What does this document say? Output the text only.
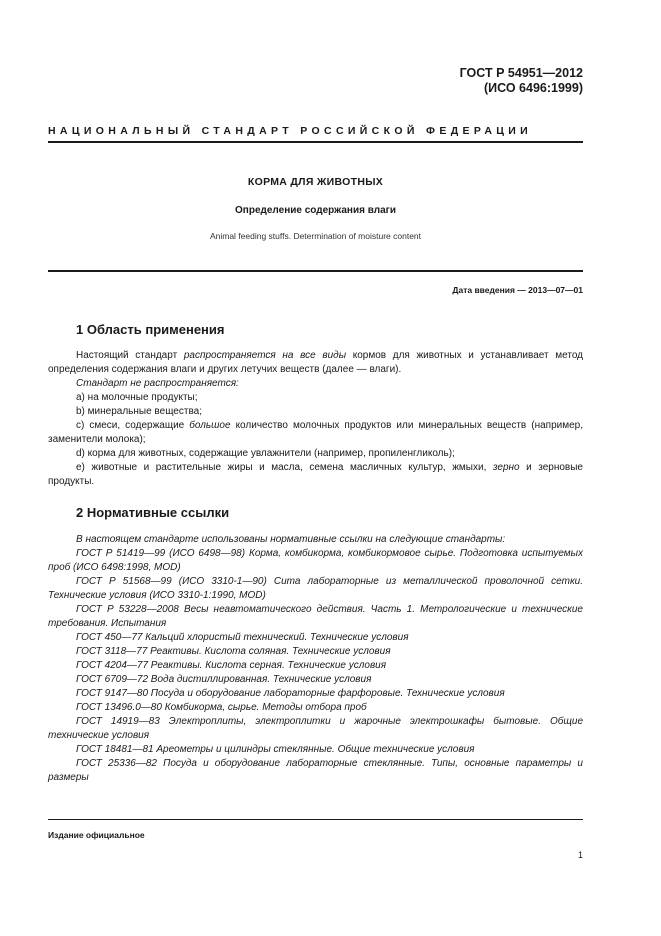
ГОСТ Р 54951—2012
(ИСО 6496:1999)
НАЦИОНАЛЬНЫЙ СТАНДАРТ РОССИЙСКОЙ ФЕДЕРАЦИИ
КОРМА ДЛЯ ЖИВОТНЫХ
Определение содержания влаги
Animal feeding stuffs. Determination of moisture content
Дата введения — 2013—07—01
1 Область применения

Настоящий стандарт распространяется на все виды кормов для животных и устанавливает метод определения содержания влаги и других летучих веществ (далее — влаги).

Стандарт не распространяется:

а) на молочные продукты;

b) минеральные вещества;

с) смеси, содержащие большое количество молочных продуктов или минеральных веществ (например, заменители молока);

d) корма для животных, содержащие увлажнители (например, пропиленгликоль);

е) животные и растительные жиры и масла, семена масличных культур, жмыхи, зерно и зерновые продукты.

2 Нормативные ссылки

В настоящем стандарте использованы нормативные ссылки на следующие стандарты:

ГОСТ Р 51419—99 (ИСО 6498—98) Корма, комбикорма, комбикормовое сырье. Подготовка испытуемых проб (ИСО 6498:1998, MOD)

ГОСТ Р 51568—99 (ИСО 3310-1—90) Сита лабораторные из металлической проволочной сетки. Технические условия (ИСО 3310-1:1990, MOD)

ГОСТ Р 53228—2008 Весы неавтоматического действия. Часть 1. Метрологические и технические требования. Испытания

ГОСТ 450—77 Кальций хлористый технический. Технические условия

ГОСТ 3118—77 Реактивы. Кислота соляная. Технические условия

ГОСТ 4204—77 Реактивы. Кислота серная. Технические условия

ГОСТ 6709—72 Вода дистиллированная. Технические условия

ГОСТ 9147—80 Посуда и оборудование лабораторные фарфоровые. Технические условия

ГОСТ 13496.0—80 Комбикорма, сырье. Методы отбора проб

ГОСТ 14919—83 Электроплиты, электроплитки и жарочные электрошкафы бытовые. Общие технические условия

ГОСТ 18481—81 Ареометры и цилиндры стеклянные. Общие технические условия

ГОСТ 25336—82 Посуда и оборудование лабораторные стеклянные. Типы, основные параметры и размеры

Издание официальное
1
